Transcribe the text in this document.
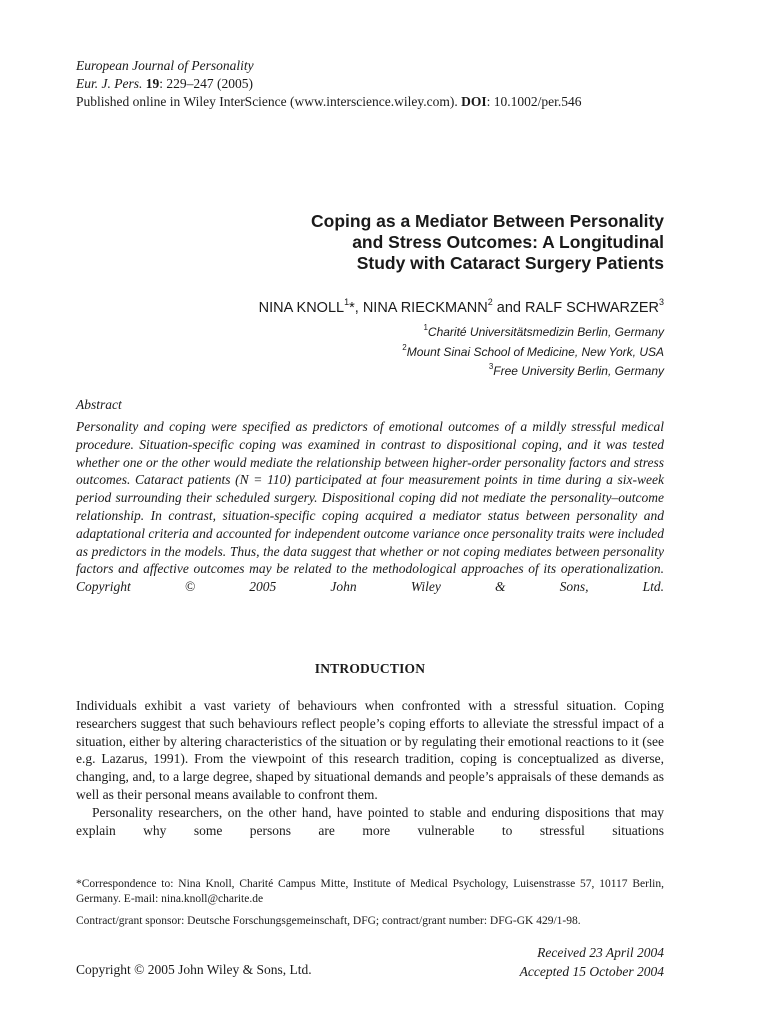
European Journal of Personality
Eur. J. Pers. 19: 229–247 (2005)
Published online in Wiley InterScience (www.interscience.wiley.com). DOI: 10.1002/per.546
Coping as a Mediator Between Personality
and Stress Outcomes: A Longitudinal
Study with Cataract Surgery Patients
NINA KNOLL$^1$*, NINA RIECKMANN$^2$ and RALF SCHWARZER$^3$
$^1$Charité Universitätsmedizin Berlin, Germany
$^2$Mount Sinai School of Medicine, New York, USA
$^3$Free University Berlin, Germany
Abstract
Personality and coping were specified as predictors of emotional outcomes of a mildly stressful medical procedure. Situation-specific coping was examined in contrast to dispositional coping, and it was tested whether one or the other would mediate the relationship between higher-order personality factors and stress outcomes. Cataract patients (N = 110) participated at four measurement points in time during a six-week period surrounding their scheduled surgery. Dispositional coping did not mediate the personality–outcome relationship. In contrast, situation-specific coping acquired a mediator status between personality and adaptational criteria and accounted for independent outcome variance once personality traits were included as predictors in the models. Thus, the data suggest that whether or not coping mediates between personality factors and affective outcomes may be related to the methodological approaches of its operationalization. Copyright © 2005 John Wiley & Sons, Ltd.
INTRODUCTION

Individuals exhibit a vast variety of behaviours when confronted with a stressful situation. Coping researchers suggest that such behaviours reflect people’s coping efforts to alleviate the stressful impact of a situation, either by altering characteristics of the situation or by regulating their emotional reactions to it (see e.g. Lazarus, 1991). From the viewpoint of this research tradition, coping is conceptualized as diverse, changing, and, to a large degree, shaped by situational demands and people’s appraisals of these demands as well as their personal means available to confront them.

Personality researchers, on the other hand, have pointed to stable and enduring dispositions that may explain why some persons are more vulnerable to stressful situations

*Correspondence to: Nina Knoll, Charité Campus Mitte, Institute of Medical Psychology, Luisenstrasse 57, 10117 Berlin, Germany. E-mail: nina.knoll@charite.de

Contract/grant sponsor: Deutsche Forschungsgemeinschaft, DFG; contract/grant number: DFG-GK 429/1-98.

Received 23 April 2004
Accepted 15 October 2004
Copyright © 2005 John Wiley & Sons, Ltd.
